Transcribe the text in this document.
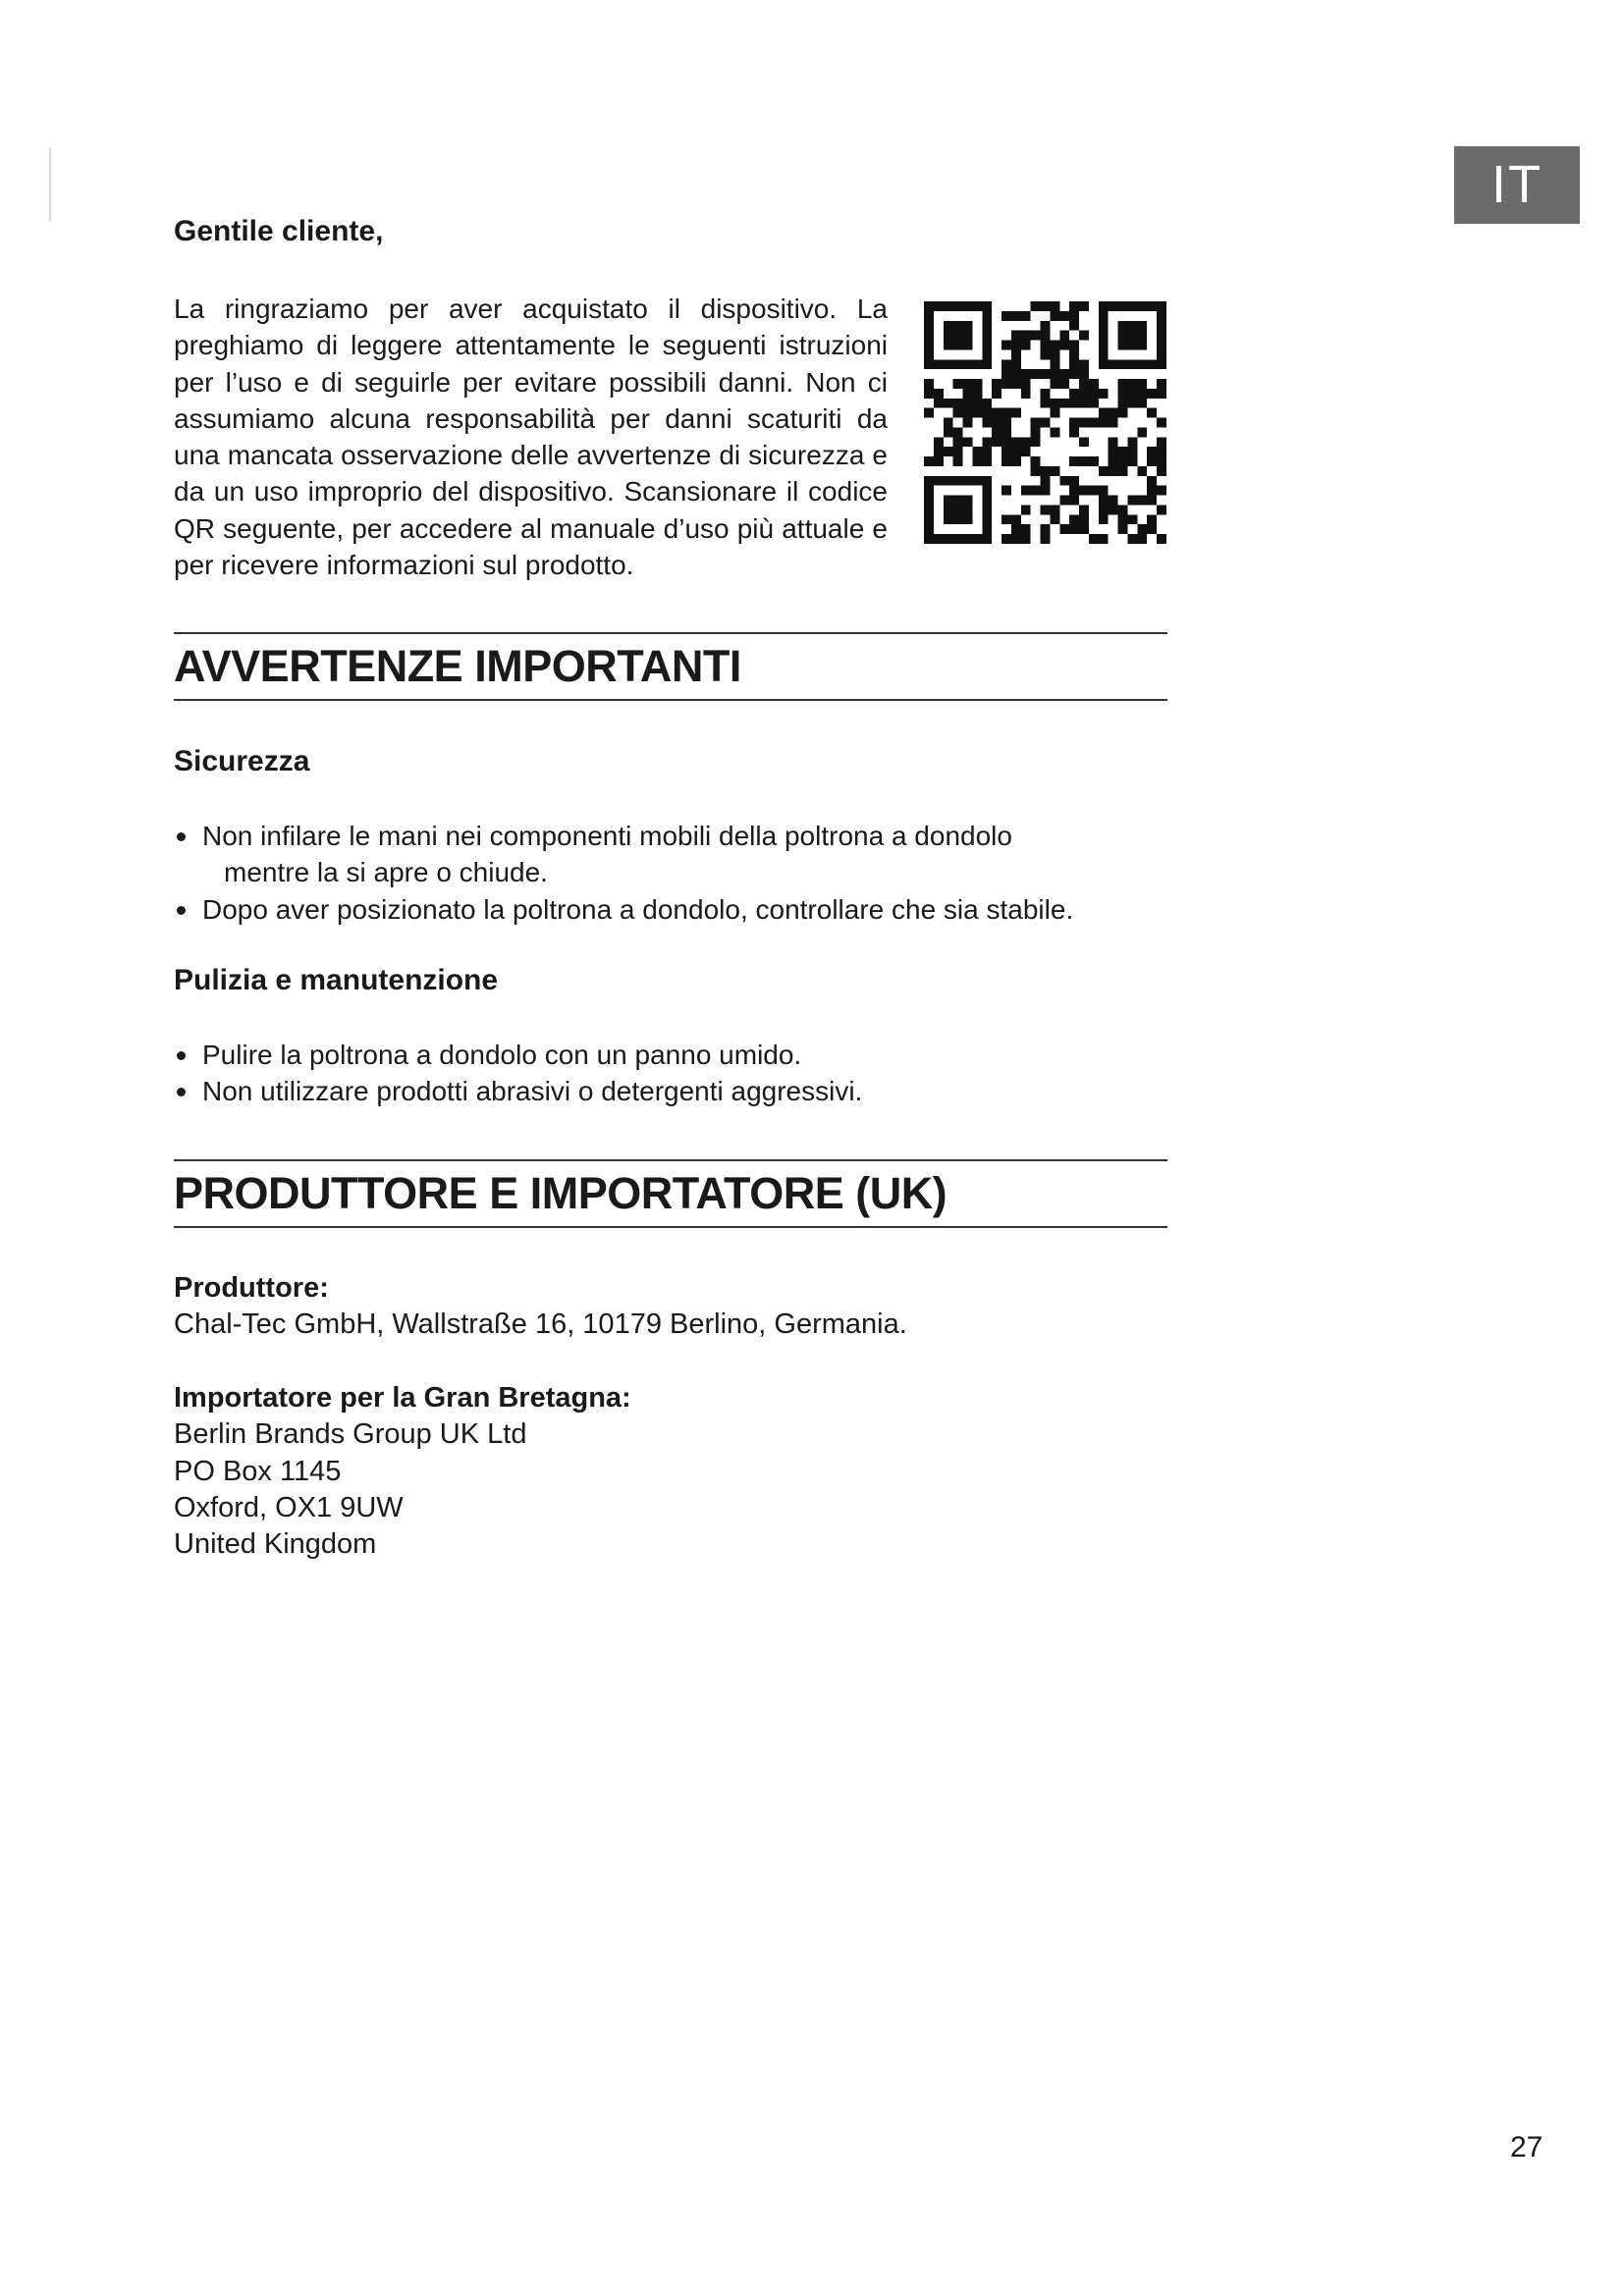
IT

Gentile cliente,

La ringraziamo per aver acquistato il dispositivo. La preghiamo di leggere attentamente le seguenti istruzioni per l’uso e di seguirle per evitare possibili danni. Non ci assumiamo alcuna responsabilità per danni scaturiti da una mancata osservazione delle avvertenze di sicurezza e da un uso improprio del dispositivo. Scansionare il codice QR seguente, per accedere al manuale d’uso più attuale e per ricevere informazioni sul prodotto.

AVVERTENZE IMPORTANTI

Sicurezza

Non infilare le mani nei componenti mobili della poltrona a dondolo
mentre la si apre o chiude.
Dopo aver posizionato la poltrona a dondolo, controllare che sia stabile.

Pulizia e manutenzione

Pulire la poltrona a dondolo con un panno umido.
Non utilizzare prodotti abrasivi o detergenti aggressivi.
PRODUTTORE E IMPORTATORE (UK)
Produttore:
Chal-Tec GmbH, Wallstraße 16, 10179 Berlino, Germania.
Importatore per la Gran Bretagna:
Berlin Brands Group UK Ltd
PO Box 1145
Oxford, OX1 9UW
United Kingdom
27
